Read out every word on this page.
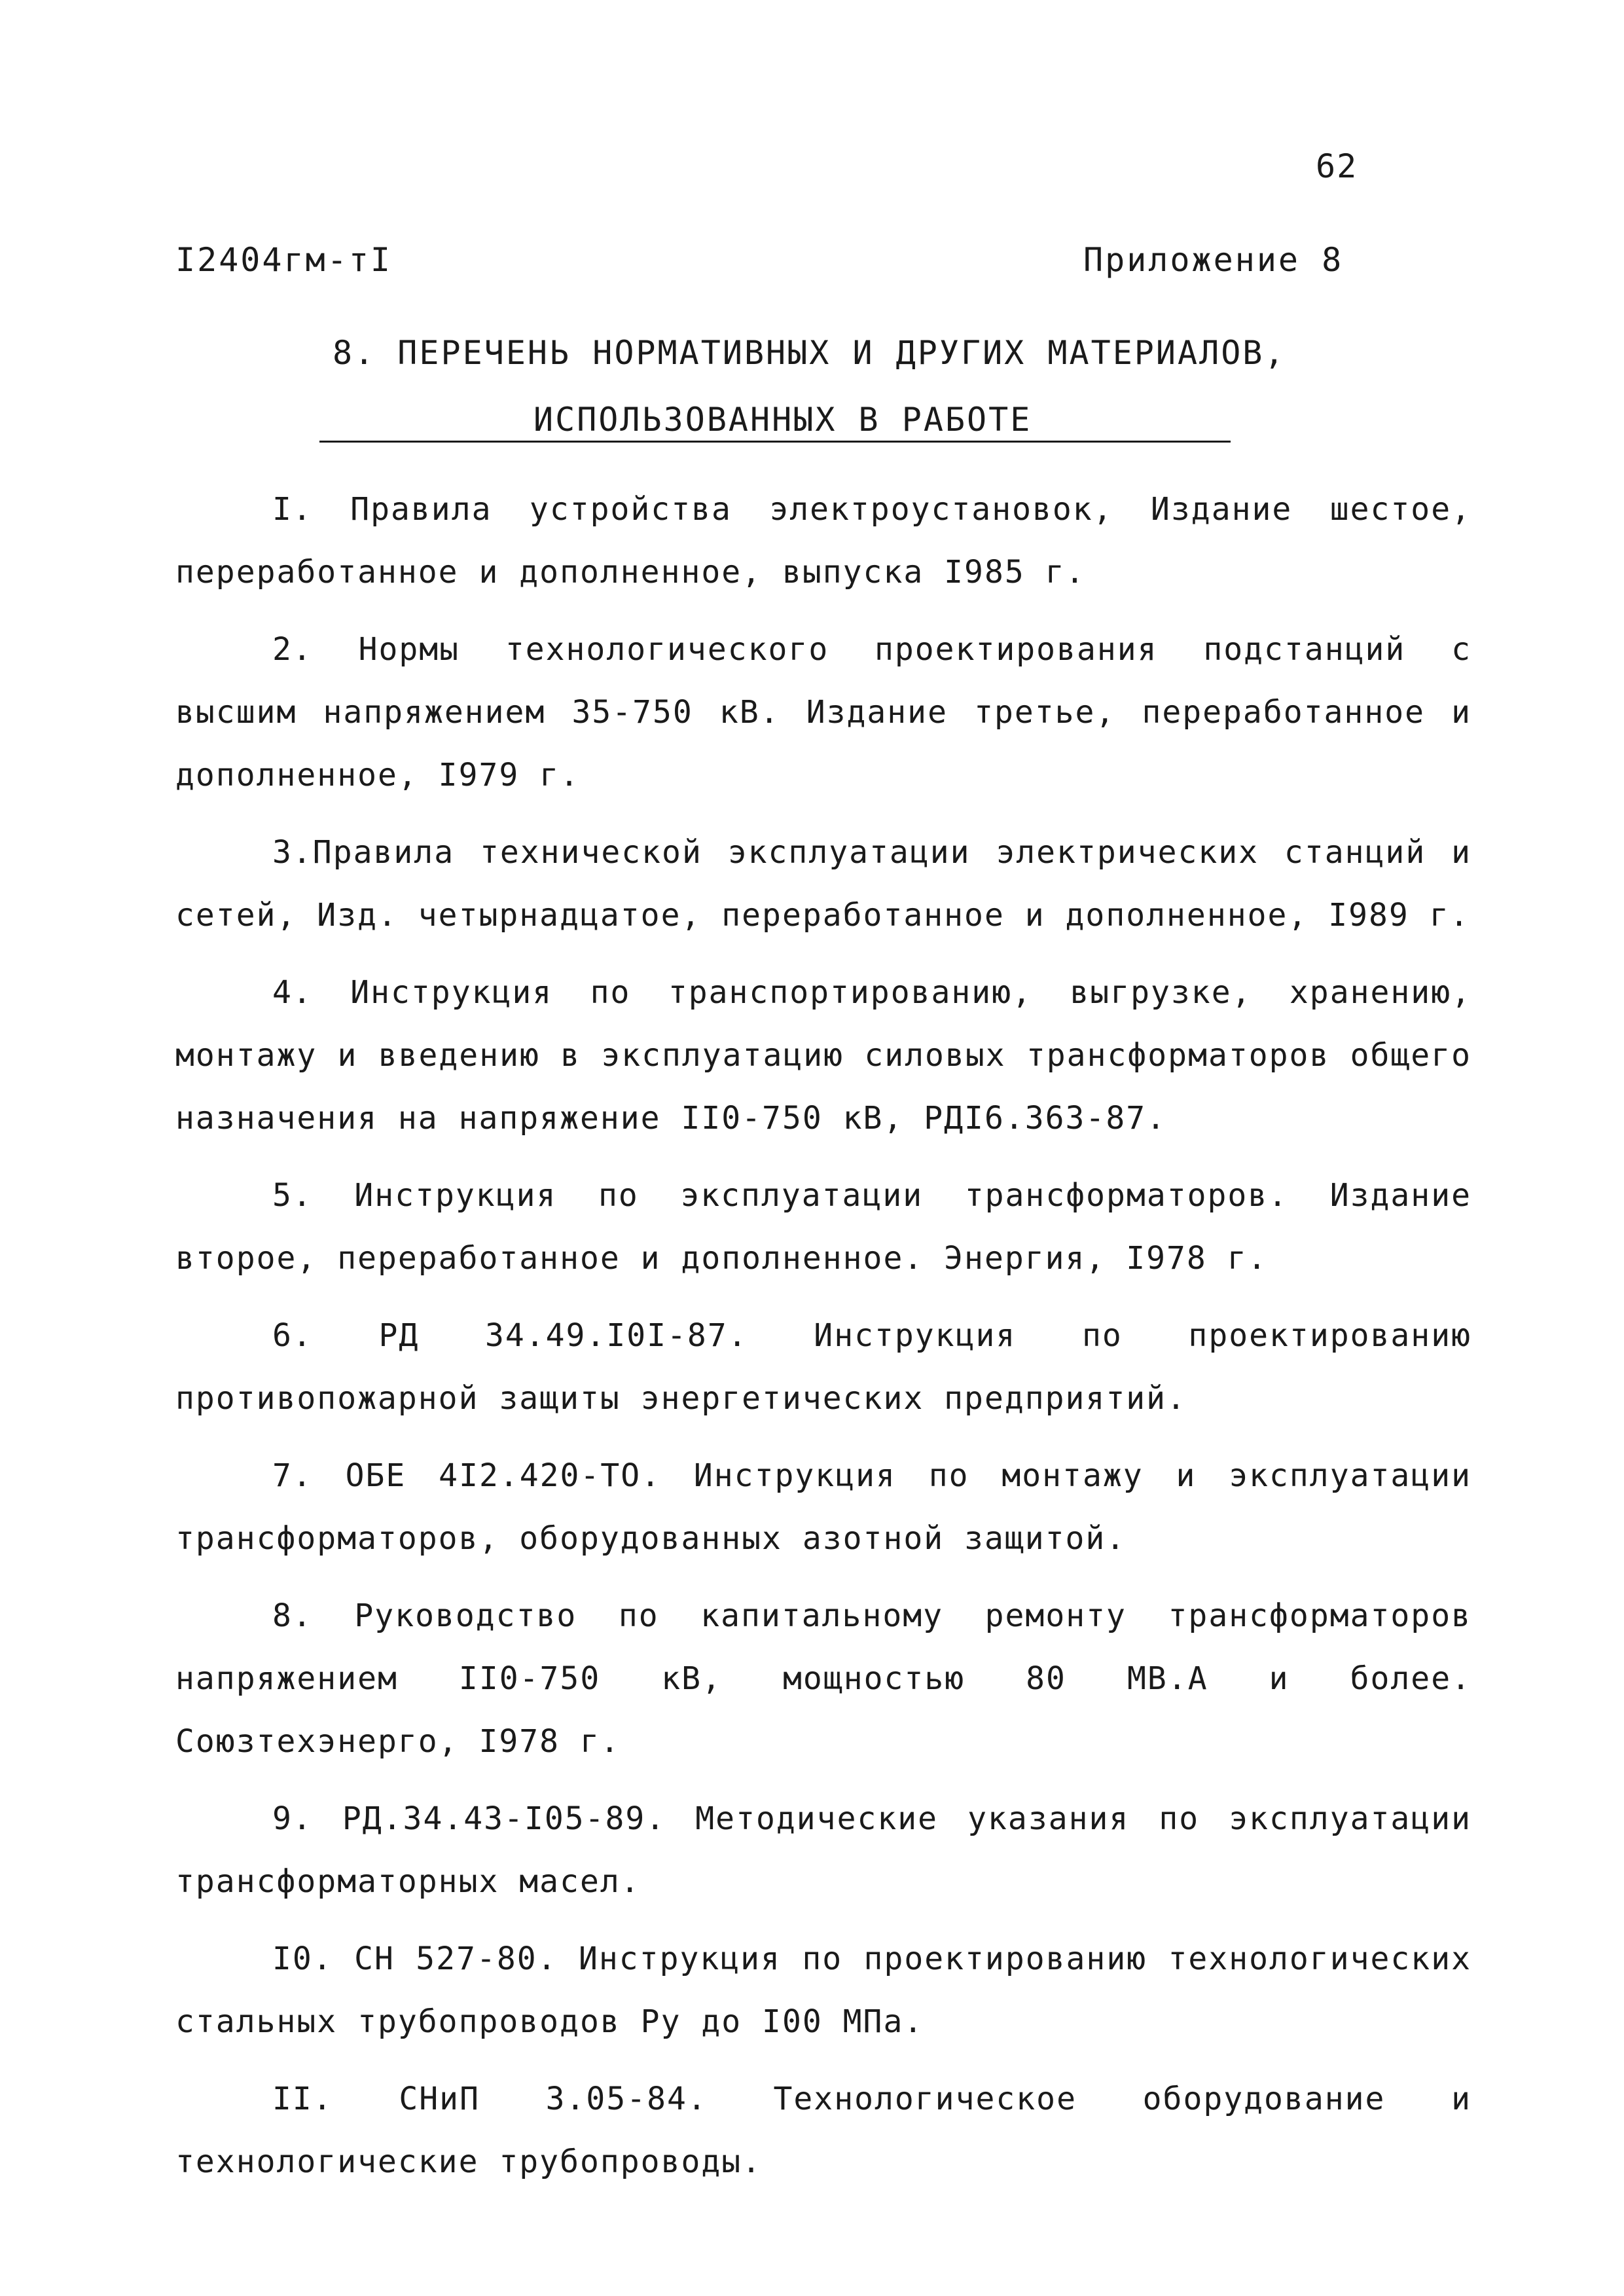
62
I2404гм-тI	Приложение 8
8. ПЕРЕЧЕНЬ НОРМАТИВНЫХ И ДРУГИХ МАТЕРИАЛОВ,
ИСПОЛЬЗОВАННЫХ В РАБОТЕ

I. Правила устройства электроустановок, Издание шестое, переработанное и дополненное, выпуска I985 г.

2. Нормы технологического проектирования подстанций с высшим напряжением 35-750 кВ. Издание третье, переработанное и дополненное, I979 г.

3.Правила технической эксплуатации электрических станций и сетей, Изд. четырнадцатое, переработанное и дополненное, I989 г.

4. Инструкция по транспортированию, выгрузке, хранению, монтажу и введению в эксплуатацию силовых трансформаторов общего назначения на напряжение II0-750 кВ, РДI6.363-87.

5. Инструкция по эксплуатации трансформаторов. Издание второе, переработанное и дополненное. Энергия, I978 г.

6. РД 34.49.I0I-87. Инструкция по проектированию противопожарной защиты энергетических предприятий.

7. ОБЕ 4I2.420-ТО. Инструкция по монтажу и эксплуатации трансформаторов, оборудованных азотной защитой.

8. Руководство по капитальному ремонту трансформаторов напряжением II0-750 кВ, мощностью 80 МВ.А и более. Союзтехэнерго, I978 г.

9. РД.34.43-I05-89. Методические указания по эксплуатации трансформаторных масел.

I0. СН 527-80. Инструкция по проектированию технологических стальных трубопроводов Ру до I00 МПа.

II. СНиП 3.05-84. Технологическое оборудование и технологические трубопроводы.
